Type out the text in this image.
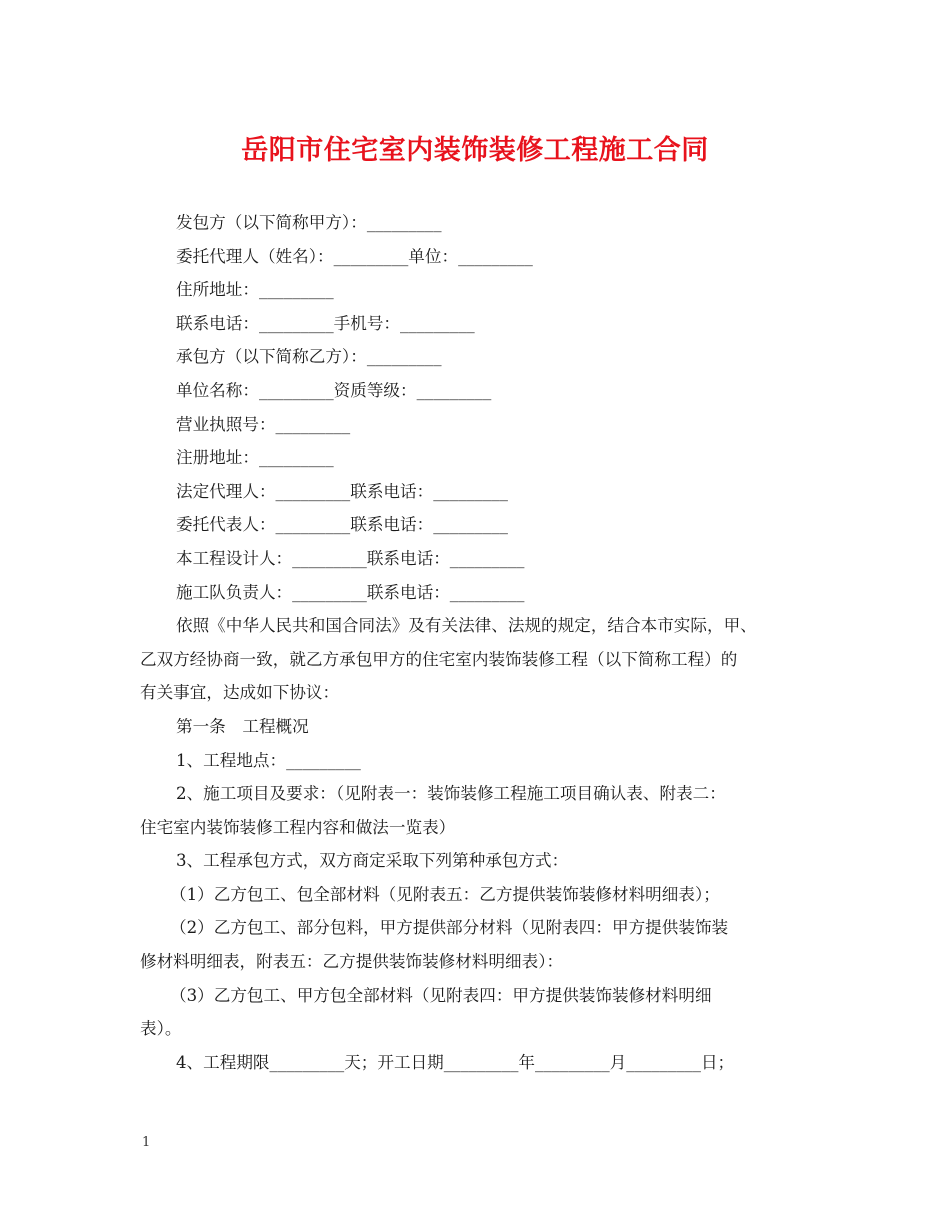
岳阳市住宅室内装饰装修工程施工合同

发包方（以下简称甲方）：_________

委托代理人（姓名）：_________单位：_________

住所地址：_________

联系电话：_________手机号：_________

承包方（以下简称乙方）：_________

单位名称：_________资质等级：_________

营业执照号：_________

注册地址：_________

法定代理人：_________联系电话：_________

委托代表人：_________联系电话：_________

本工程设计人：_________联系电话：_________

施工队负责人：_________联系电话：_________

依照《中华人民共和国合同法》及有关法律、法规的规定，结合本市实际，甲、

乙双方经协商一致，就乙方承包甲方的住宅室内装饰装修工程（以下简称工程）的

有关事宜，达成如下协议：

第一条　工程概况

1、工程地点：_________

2、施工项目及要求：（见附表一：装饰装修工程施工项目确认表、附表二：

住宅室内装饰装修工程内容和做法一览表）

3、工程承包方式，双方商定采取下列第种承包方式：

（1）乙方包工、包全部材料（见附表五：乙方提供装饰装修材料明细表）；

（2）乙方包工、部分包料，甲方提供部分材料（见附表四：甲方提供装饰装

修材料明细表，附表五：乙方提供装饰装修材料明细表）：

（3）乙方包工、甲方包全部材料（见附表四：甲方提供装饰装修材料明细

表）。

4、工程期限_________天；开工日期_________年_________月_________日；

1
